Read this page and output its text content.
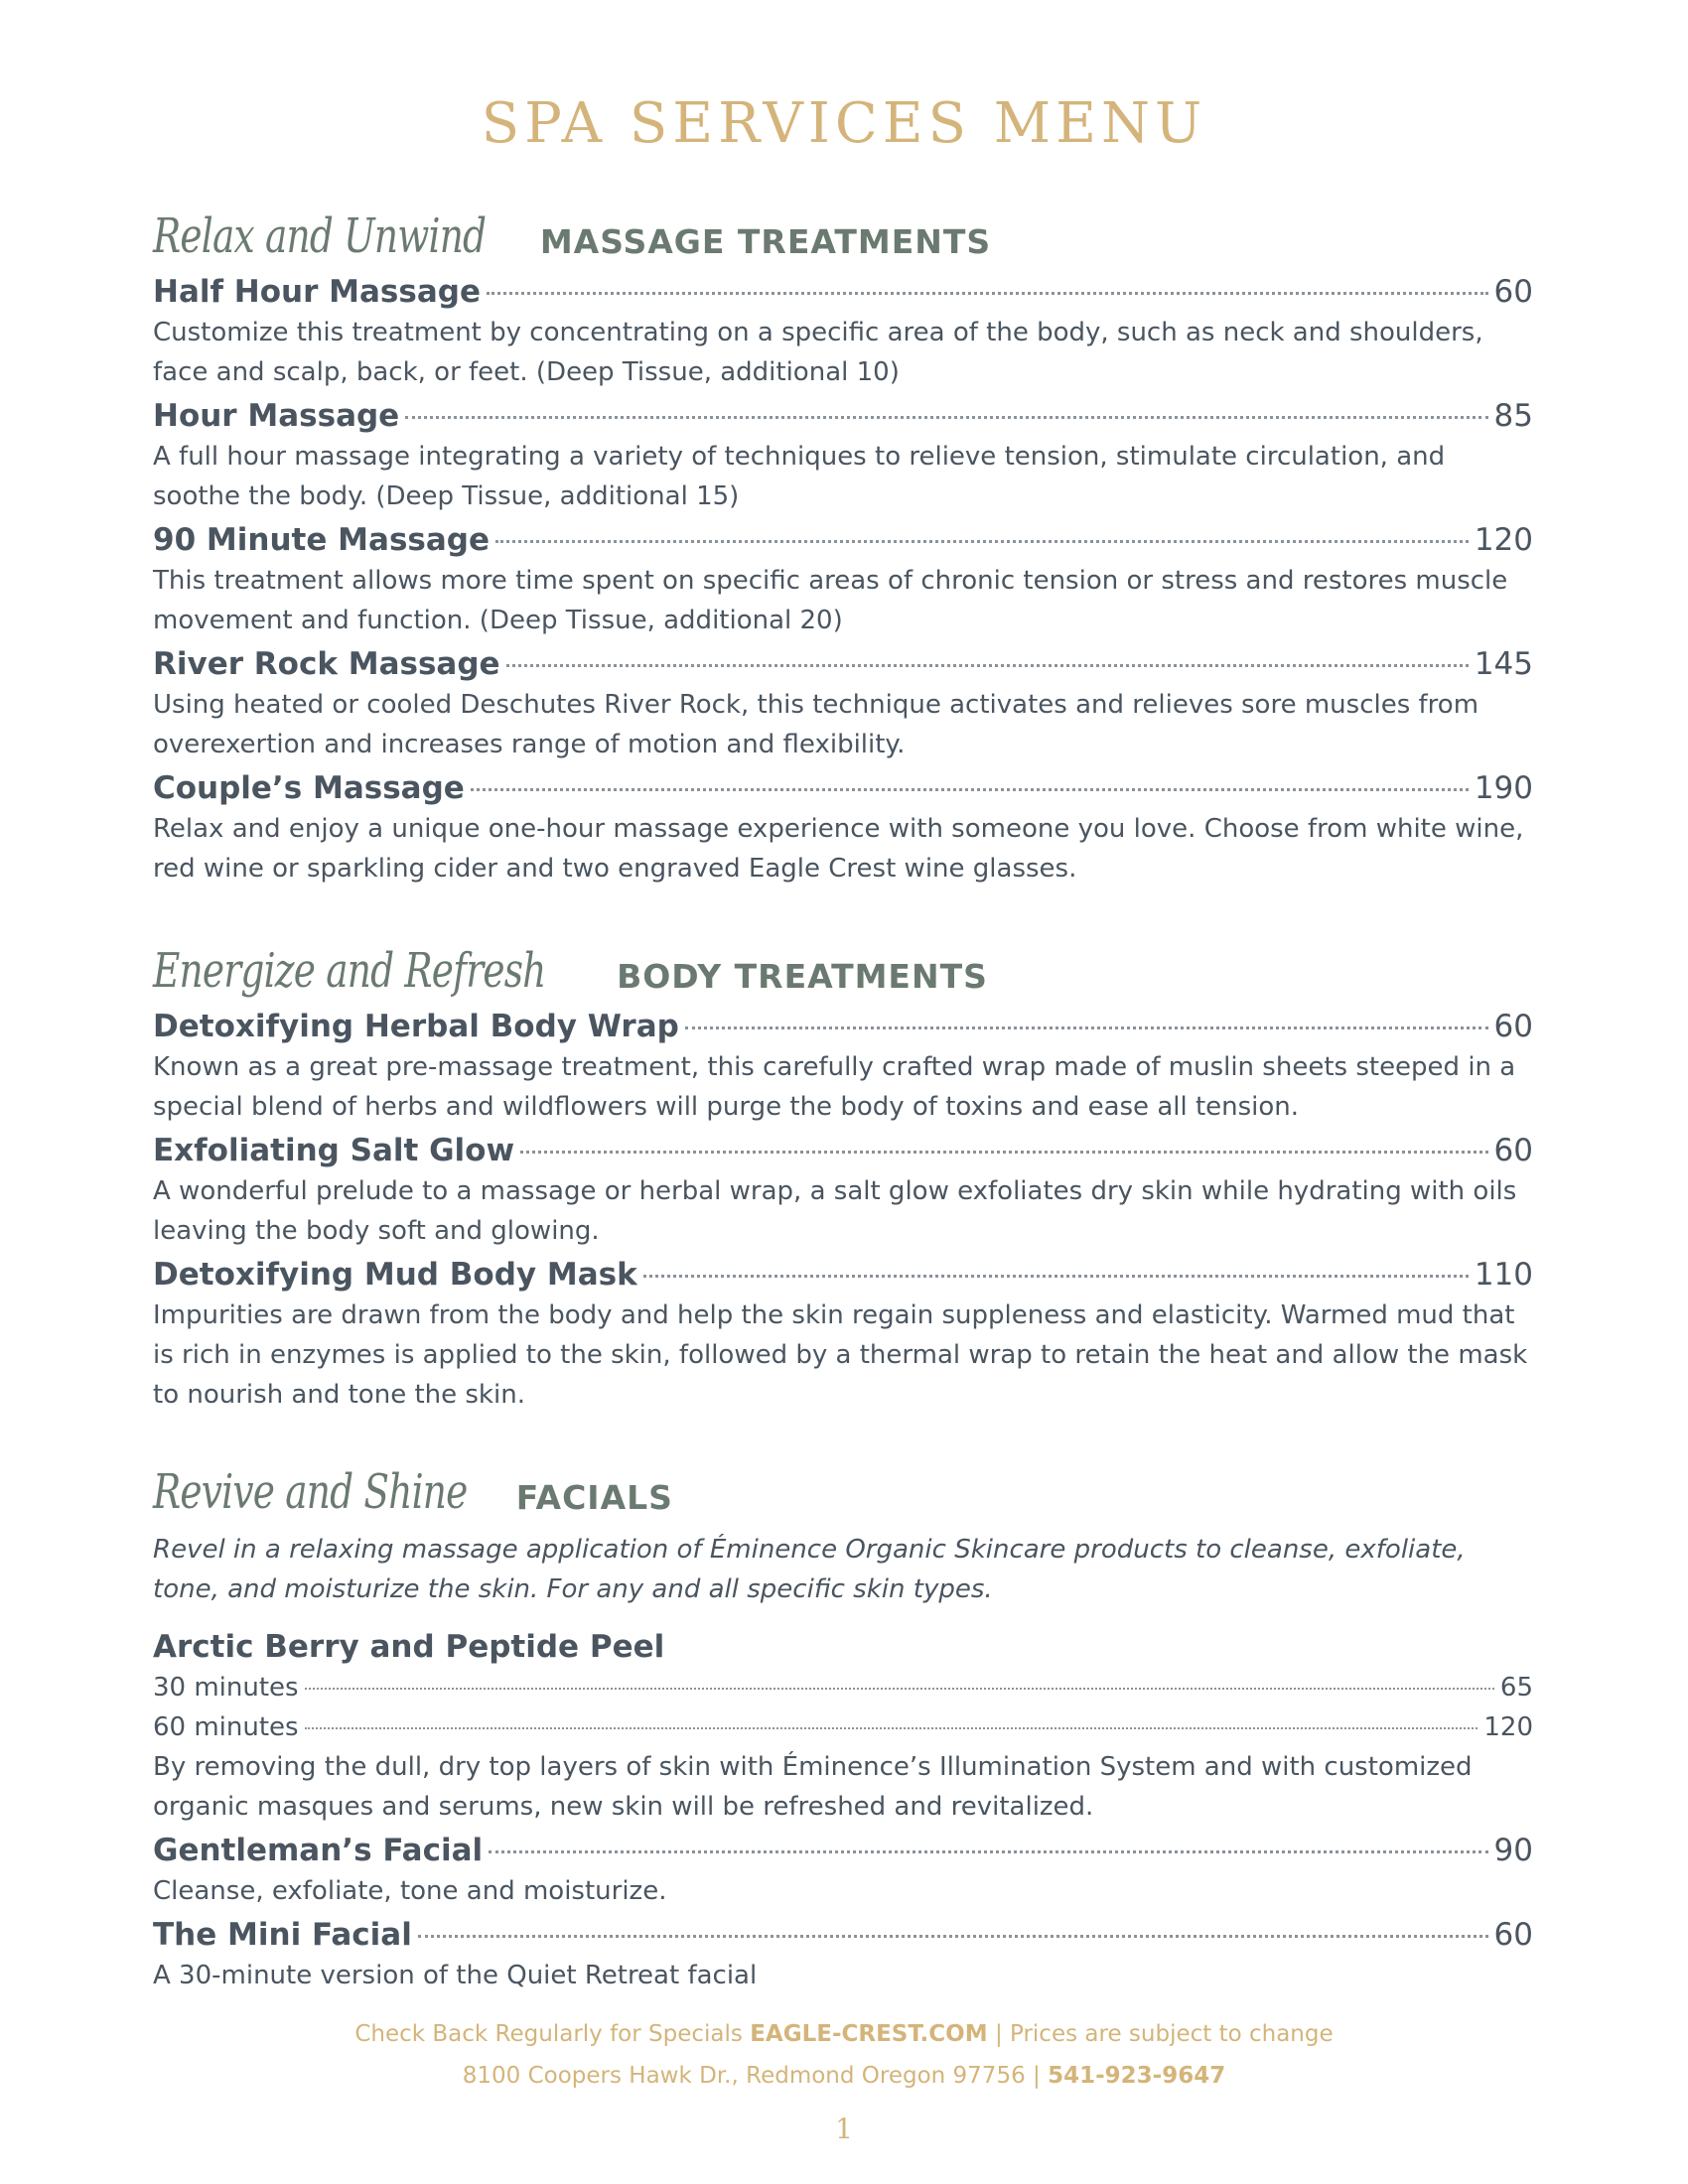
SPA SERVICES MENU
Relax and Unwind MASSAGE TREATMENTS
Half Hour Massage	60
Customize this treatment by concentrating on a specific area of the body, such as neck and shoulders, face and scalp, back, or feet. (Deep Tissue, additional 10)
Hour Massage	85
A full hour massage integrating a variety of techniques to relieve tension, stimulate circulation, and soothe the body. (Deep Tissue, additional 15)
90 Minute Massage	120
This treatment allows more time spent on specific areas of chronic tension or stress and restores muscle movement and function. (Deep Tissue, additional 20)
River Rock Massage	145
Using heated or cooled Deschutes River Rock, this technique activates and relieves sore muscles from overexertion and increases range of motion and flexibility.
Couple’s Massage	190
Relax and enjoy a unique one-hour massage experience with someone you love. Choose from white wine, red wine or sparkling cider and two engraved Eagle Crest wine glasses.
Energize and Refresh BODY TREATMENTS
Detoxifying Herbal Body Wrap	60
Known as a great pre-massage treatment, this carefully crafted wrap made of muslin sheets steeped in a special blend of herbs and wildflowers will purge the body of toxins and ease all tension.
Exfoliating Salt Glow	60
A wonderful prelude to a massage or herbal wrap, a salt glow exfoliates dry skin while hydrating with oils leaving the body soft and glowing.
Detoxifying Mud Body Mask	110
Impurities are drawn from the body and help the skin regain suppleness and elasticity. Warmed mud that is rich in enzymes is applied to the skin, followed by a thermal wrap to retain the heat and allow the mask to nourish and tone the skin.
Revive and Shine FACIALS
Revel in a relaxing massage application of Éminence Organic Skincare products to cleanse, exfoliate, tone, and moisturize the skin. For any and all specific skin types.
Arctic Berry and Peptide Peel
30 minutes	65
60 minutes	120
By removing the dull, dry top layers of skin with Éminence’s Illumination System and with customized organic masques and serums, new skin will be refreshed and revitalized.
Gentleman’s Facial	90
Cleanse, exfoliate, tone and moisturize.
The Mini Facial	60
A 30-minute version of the Quiet Retreat facial
Check Back Regularly for Specials EAGLE-CREST.COM | Prices are subject to change
8100 Coopers Hawk Dr., Redmond Oregon 97756 | 541-923-9647
1
